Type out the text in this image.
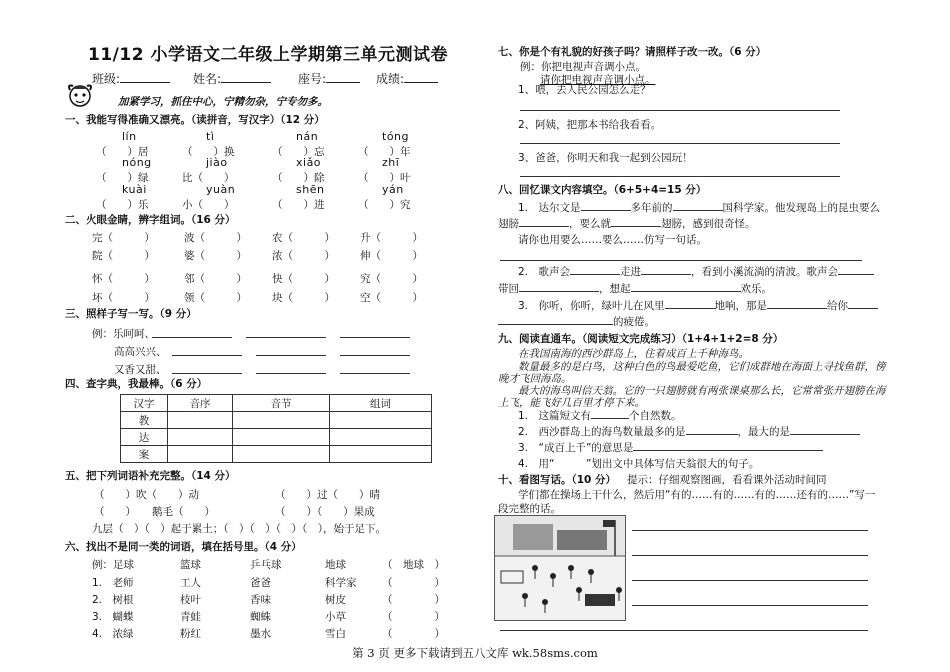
11/12 小学语文二年级上学期第三单元测试卷
班级:	姓名:	座号:	成绩:
加紧学习，抓住中心，宁精勿杂，宁专勿多。
一、我能写得准确又漂亮。（读拼音，写汉字）（12 分）
lín	tì	nán	tóng
（　　）居	（　　）换	（　　）忘	（　　）年
nóng	jiào	xiǎo	zhī
（　　）绿	比（　　）	（　　）除	（　　）叶
kuài	yuàn	shēn	yán
（　　）乐	小（　　）	（　　）进	（　　）究
二、火眼金睛，辨字组词。（16 分）
完（　　　）	波（　　　） 农（　　　） 升（　　　）
院（　　　）	婆（　　　） 浓（　　　） 伸（　　　）
怀（　　　）	邻（　　　） 快（　　　） 究（　　　）
坏（　　　）	领（　　　） 块（　　　） 空（　　　）
三、照样子写一写。（9 分）
例：乐呵呵、
高高兴兴、
又香又甜、
四、查字典，我最棒。（6 分）
汉字	音序	音节	组词
教			
达			
案			
五、把下列词语补充完整。（14 分）
（　　）吹（　　）动	（　　）过（　　）晴
（　　） 鹅毛（　　）	（　　）（　　）果成
九层（　）（　）起于累土；（　）（　）（　）（　），始于足下。
六、找出不是同一类的词语，填在括号里。（4 分）
例：足球	篮球	乒乓球	地球	（　地球　）
1.　老师	工人	爸爸	科学家 （　　　　）
2.　树根	枝叶	香味	树皮	（　　　　）
3.　蝴蝶	青蛙	蜘蛛	小草	（　　　　）
4.　浓绿	粉红	墨水	雪白	（　　　　）
七、你是个有礼貌的好孩子吗？请照样子改一改。（6 分）
例：你把电视声音调小点。
请你把电视声音调小点。
1、喂，去人民公园怎么走？
2、阿姨，把那本书给我看看。
3、爸爸，你明天和我一起到公园玩！
八、回忆课文内容填空。（6+5+4=15 分）
1.　达尔文是	多年前的	国科学家。他发现岛上的昆虫要么
翅膀	，要么就	翅膀，感到很奇怪。
请你也用要么……要么……仿写一句话。
2.　歌声会	走进	，看到小溪流淌的清波。歌声会
带回	，想起	欢乐。
3.　你听，你听，绿叶儿在风里	地响，那是	给你
的疲倦。
九、阅读直通车。（阅读短文完成练习）（1+4+1+2=8 分）
在我国南海的西沙群岛上，住着成百上千种海鸟。
数量最多的是白鸟，这种白色的鸟最爱吃鱼，它们成群地在海面上寻找鱼群，傍
晚才飞回海岛。
最大的海鸟叫信天翁。它的一只翅膀就有两张课桌那么长，它常常张开翅膀在海
上飞，能飞好几百里才停下来。
1.　这篇短文有	个自然数。
2.　西沙群岛上的海鸟数量最多的是	，最大的是
3.　“成百上千”的意思是
4.　用“　　　”划出文中具体写信天翁很大的句子。
十、看图写话。（10 分） 提示：仔细观察图画，看看课外活动时间同
学们都在操场上干什么，然后用“有的……有的……有的……还有的……”写一
段完整的话。
第 3 页 更多下载请到五八文库 wk.58sms.com
